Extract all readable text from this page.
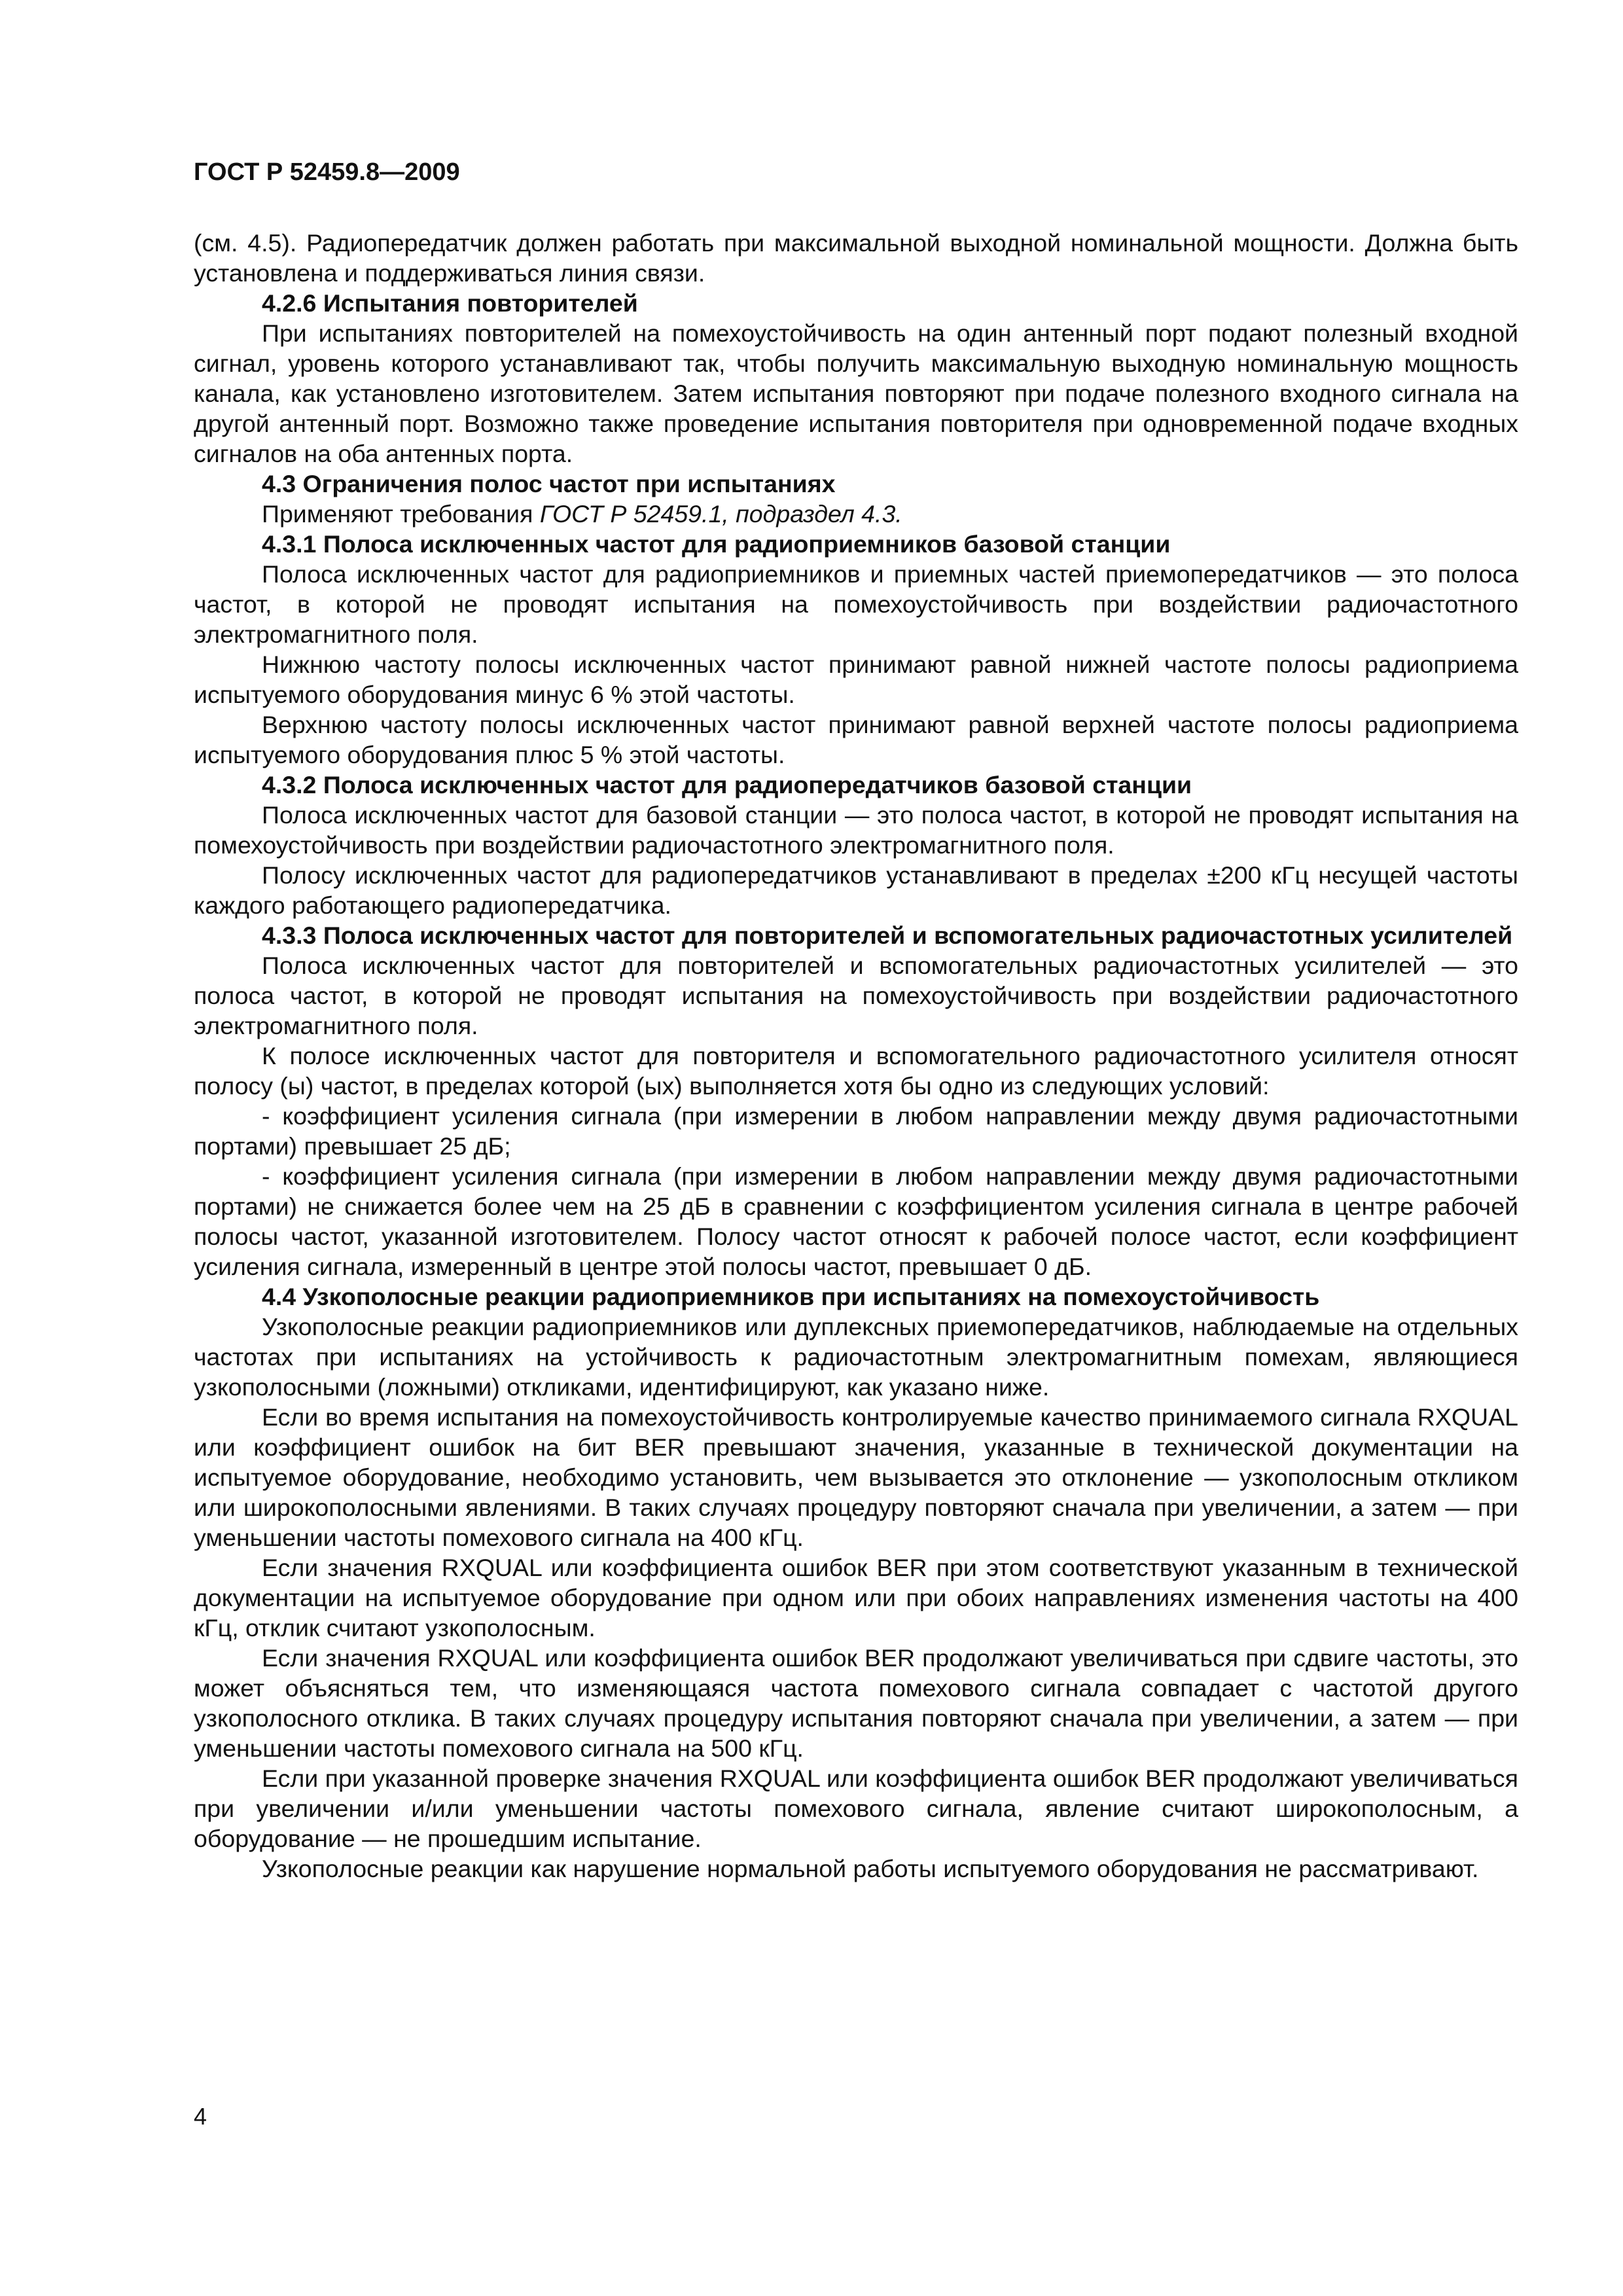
ГОСТ Р 52459.8—2009

(см. 4.5). Радиопередатчик должен работать при максимальной выходной номинальной мощности. Должна быть установлена и поддерживаться линия связи.

4.2.6 Испытания повторителей

При испытаниях повторителей на помехоустойчивость на один антенный порт подают полезный входной сигнал, уровень которого устанавливают так, чтобы получить максимальную выходную номинальную мощность канала, как установлено изготовителем. Затем испытания повторяют при подаче полезного входного сигнала на другой антенный порт. Возможно также проведение испытания повторителя при одновременной подаче входных сигналов на оба антенных порта.

4.3 Ограничения полос частот при испытаниях

Применяют требования ГОСТ Р 52459.1, подраздел 4.3.

4.3.1 Полоса исключенных частот для радиоприемников базовой станции

Полоса исключенных частот для радиоприемников и приемных частей приемопередатчиков — это полоса частот, в которой не проводят испытания на помехоустойчивость при воздействии радиочастотного электромагнитного поля.

Нижнюю частоту полосы исключенных частот принимают равной нижней частоте полосы радиоприема испытуемого оборудования минус 6 % этой частоты.

Верхнюю частоту полосы исключенных частот принимают равной верхней частоте полосы радиоприема испытуемого оборудования плюс 5 % этой частоты.

4.3.2 Полоса исключенных частот для радиопередатчиков базовой станции

Полоса исключенных частот для базовой станции — это полоса частот, в которой не проводят испытания на помехоустойчивость при воздействии радиочастотного электромагнитного поля.

Полосу исключенных частот для радиопередатчиков устанавливают в пределах ±200 кГц несущей частоты каждого работающего радиопередатчика.

4.3.3 Полоса исключенных частот для повторителей и вспомогательных радиочастотных усилителей

Полоса исключенных частот для повторителей и вспомогательных радиочастотных усилителей — это полоса частот, в которой не проводят испытания на помехоустойчивость при воздействии радиочастотного электромагнитного поля.

К полосе исключенных частот для повторителя и вспомогательного радиочастотного усилителя относят полосу (ы) частот, в пределах которой (ых) выполняется хотя бы одно из следующих условий:

- коэффициент усиления сигнала (при измерении в любом направлении между двумя радиочастотными портами) превышает 25 дБ;

- коэффициент усиления сигнала (при измерении в любом направлении между двумя радиочастотными портами) не снижается более чем на 25 дБ в сравнении с коэффициентом усиления сигнала в центре рабочей полосы частот, указанной изготовителем. Полосу частот относят к рабочей полосе частот, если коэффициент усиления сигнала, измеренный в центре этой полосы частот, превышает 0 дБ.

4.4 Узкополосные реакции радиоприемников при испытаниях на помехоустойчивость

Узкополосные реакции радиоприемников или дуплексных приемопередатчиков, наблюдаемые на отдельных частотах при испытаниях на устойчивость к радиочастотным электромагнитным помехам, являющиеся узкополосными (ложными) откликами, идентифицируют, как указано ниже.

Если во время испытания на помехоустойчивость контролируемые качество принимаемого сигнала RXQUAL или коэффициент ошибок на бит BER превышают значения, указанные в технической документации на испытуемое оборудование, необходимо установить, чем вызывается это отклонение — узкополосным откликом или широкополосными явлениями. В таких случаях процедуру повторяют сначала при увеличении, а затем — при уменьшении частоты помехового сигнала на 400 кГц.

Если значения RXQUAL или коэффициента ошибок BER при этом соответствуют указанным в технической документации на испытуемое оборудование при одном или при обоих направлениях изменения частоты на 400 кГц, отклик считают узкополосным.

Если значения RXQUAL или коэффициента ошибок BER продолжают увеличиваться при сдвиге частоты, это может объясняться тем, что изменяющаяся частота помехового сигнала совпадает с частотой другого узкополосного отклика. В таких случаях процедуру испытания повторяют сначала при увеличении, а затем — при уменьшении частоты помехового сигнала на 500 кГц.

Если при указанной проверке значения RXQUAL или коэффициента ошибок BER продолжают увеличиваться при увеличении и/или уменьшении частоты помехового сигнала, явление считают широкополосным, а оборудование — не прошедшим испытание.

Узкополосные реакции как нарушение нормальной работы испытуемого оборудования не рассматривают.

4
